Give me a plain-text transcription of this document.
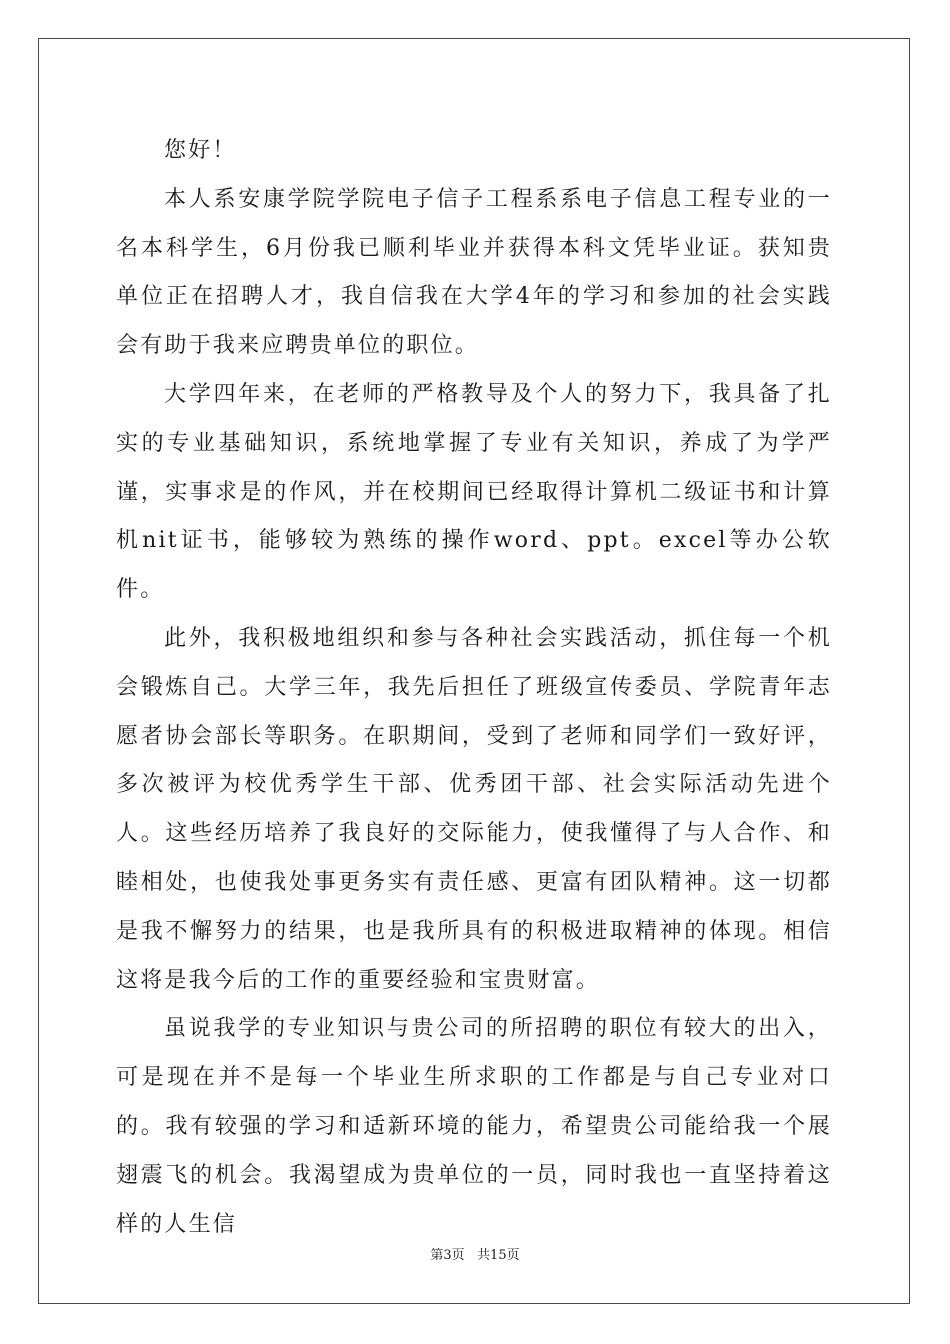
您好！

本人系安康学院学院电子信子工程系系电子信息工程专业的一名本科学生，6月份我已顺利毕业并获得本科文凭毕业证。获知贵单位正在招聘人才，我自信我在大学4年的学习和参加的社会实践会有助于我来应聘贵单位的职位。

大学四年来，在老师的严格教导及个人的努力下，我具备了扎实的专业基础知识，系统地掌握了专业有关知识，养成了为学严谨，实事求是的作风，并在校期间已经取得计算机二级证书和计算机nit证书，能够较为熟练的操作word、ppt。excel等办公软件。

此外，我积极地组织和参与各种社会实践活动，抓住每一个机会锻炼自己。大学三年，我先后担任了班级宣传委员、学院青年志愿者协会部长等职务。在职期间，受到了老师和同学们一致好评，多次被评为校优秀学生干部、优秀团干部、社会实际活动先进个人。这些经历培养了我良好的交际能力，使我懂得了与人合作、和睦相处，也使我处事更务实有责任感、更富有团队精神。这一切都是我不懈努力的结果，也是我所具有的积极进取精神的体现。相信这将是我今后的工作的重要经验和宝贵财富。

虽说我学的专业知识与贵公司的所招聘的职位有较大的出入，可是现在并不是每一个毕业生所求职的工作都是与自己专业对口的。我有较强的学习和适新环境的能力，希望贵公司能给我一个展翅震飞的机会。我渴望成为贵单位的一员，同时我也一直坚持着这样的人生信

第3页   共15页
